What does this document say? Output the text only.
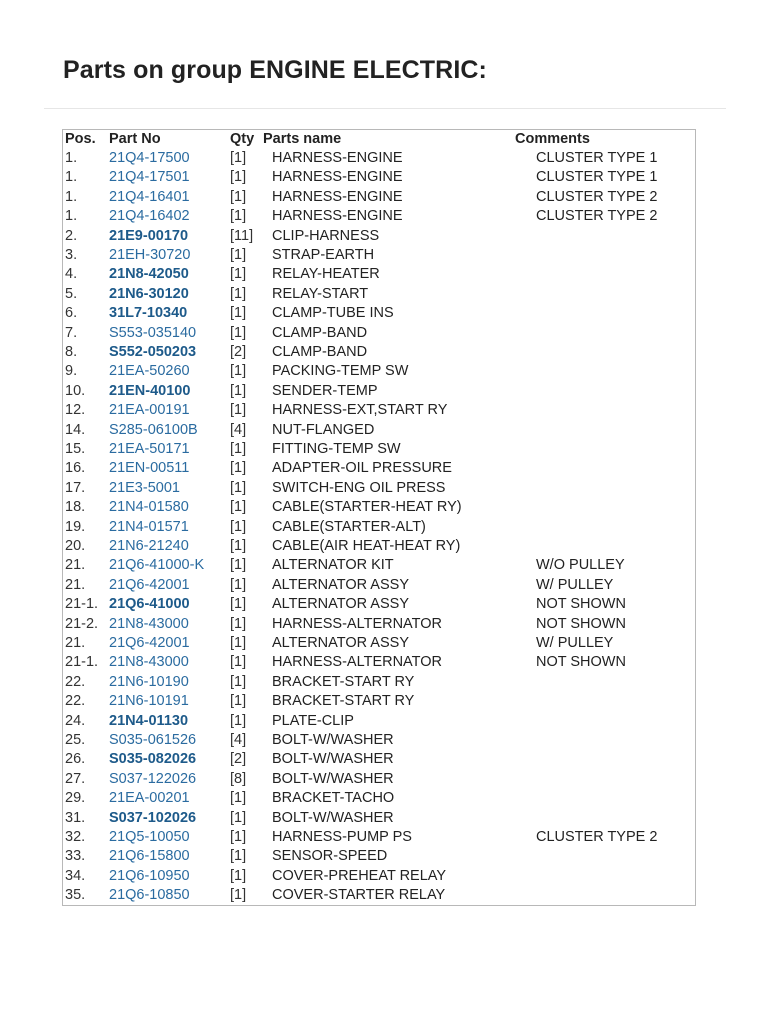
Parts on group ENGINE ELECTRIC:
Pos. Part No	Qty Parts name	Comments
1. 21Q4-17500	[1] HARNESS-ENGINE	CLUSTER TYPE 1
1. 21Q4-17501	[1] HARNESS-ENGINE	CLUSTER TYPE 1
1. 21Q4-16401	[1] HARNESS-ENGINE	CLUSTER TYPE 2
1. 21Q4-16402	[1] HARNESS-ENGINE	CLUSTER TYPE 2
2. 21E9-00170	[11] CLIP-HARNESS
3. 21EH-30720	[1] STRAP-EARTH
4. 21N8-42050	[1] RELAY-HEATER
5. 21N6-30120	[1] RELAY-START
6. 31L7-10340	[1] CLAMP-TUBE INS
7. S553-035140 [1] CLAMP-BAND
8. S552-050203 [2] CLAMP-BAND
9. 21EA-50260	[1] PACKING-TEMP SW
10. 21EN-40100	[1] SENDER-TEMP
12. 21EA-00191	[1] HARNESS-EXT,START RY
14. S285-06100B [4] NUT-FLANGED
15. 21EA-50171	[1] FITTING-TEMP SW
16. 21EN-00511	[1] ADAPTER-OIL PRESSURE
17. 21E3-5001	[1] SWITCH-ENG OIL PRESS
18. 21N4-01580	[1] CABLE(STARTER-HEAT RY)
19. 21N4-01571	[1] CABLE(STARTER-ALT)
20. 21N6-21240	[1] CABLE(AIR HEAT-HEAT RY)
21. 21Q6-41000-K [1] ALTERNATOR KIT	W/O PULLEY
21. 21Q6-42001	[1] ALTERNATOR ASSY	W/ PULLEY
21-1. 21Q6-41000	[1] ALTERNATOR ASSY	NOT SHOWN
21-2. 21N8-43000	[1] HARNESS-ALTERNATOR	NOT SHOWN
21. 21Q6-42001	[1] ALTERNATOR ASSY	W/ PULLEY
21-1. 21N8-43000	[1] HARNESS-ALTERNATOR	NOT SHOWN
22. 21N6-10190	[1] BRACKET-START RY
22. 21N6-10191	[1] BRACKET-START RY
24. 21N4-01130	[1] PLATE-CLIP
25. S035-061526 [4] BOLT-W/WASHER
26. S035-082026 [2] BOLT-W/WASHER
27. S037-122026 [8] BOLT-W/WASHER
29. 21EA-00201	[1] BRACKET-TACHO
31. S037-102026 [1] BOLT-W/WASHER
32. 21Q5-10050	[1] HARNESS-PUMP PS	CLUSTER TYPE 2
33. 21Q6-15800	[1] SENSOR-SPEED
34. 21Q6-10950	[1] COVER-PREHEAT RELAY
35. 21Q6-10850	[1] COVER-STARTER RELAY
